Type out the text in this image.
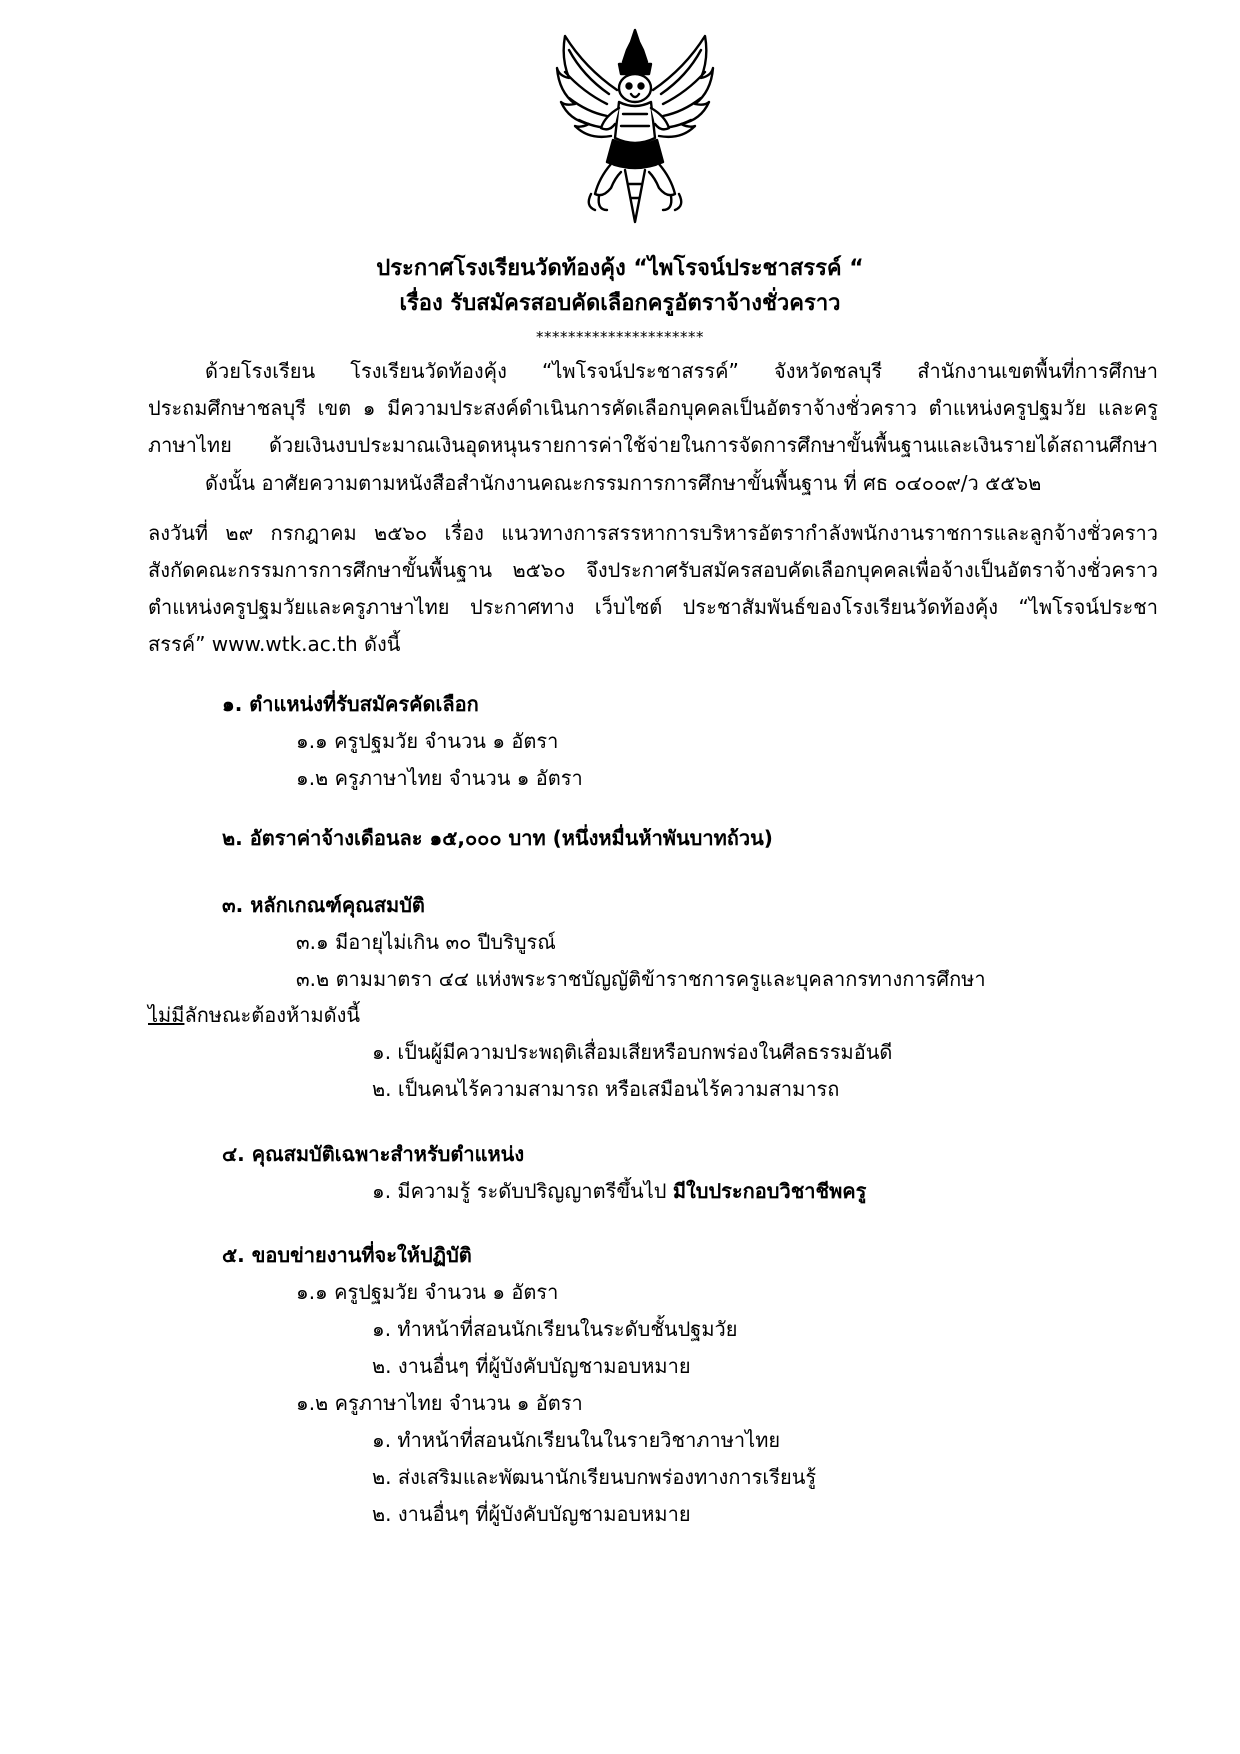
ประกาศโรงเรียนวัดท้องคุ้ง “ไพโรจน์ประชาสรรค์ “
เรื่อง รับสมัครสอบคัดเลือกครูอัตราจ้างชั่วคราว
*********************
ด้วยโรงเรียน โรงเรียนวัดท้องคุ้ง “ไพโรจน์ประชาสรรค์” จังหวัดชลบุรี สำนักงานเขตพื้นที่การศึกษา
ประถมศึกษาชลบุรี เขต ๑ มีความประสงค์ดำเนินการคัดเลือกบุคคลเป็นอัตราจ้างชั่วคราว ตำแหน่งครูปฐมวัย และครู
ภาษาไทย ด้วยเงินงบประมาณเงินอุดหนุนรายการค่าใช้จ่ายในการจัดการศึกษาขั้นพื้นฐานและเงินรายได้สถานศึกษา
ดังนั้น อาศัยความตามหนังสือสำนักงานคณะกรรมการการศึกษาขั้นพื้นฐาน ที่ ศธ ๐๔๐๐๙/ว ๕๕๖๒
ลงวันที่ ๒๙ กรกฎาคม ๒๕๖๐ เรื่อง แนวทางการสรรหาการบริหารอัตรากำลังพนักงานราชการและลูกจ้างชั่วคราว
สังกัดคณะกรรมการการศึกษาขั้นพื้นฐาน ๒๕๖๐ จึงประกาศรับสมัครสอบคัดเลือกบุคคลเพื่อจ้างเป็นอัตราจ้างชั่วคราว
ตำแหน่งครูปฐมวัยและครูภาษาไทย ประกาศทาง เว็บไซต์ ประชาสัมพันธ์ของโรงเรียนวัดท้องคุ้ง “ไพโรจน์ประชา
สรรค์” www.wtk.ac.th ดังนี้
๑. ตำแหน่งที่รับสมัครคัดเลือก
๑.๑ ครูปฐมวัย จำนวน ๑ อัตรา
๑.๒ ครูภาษาไทย จำนวน ๑ อัตรา
๒. อัตราค่าจ้างเดือนละ ๑๕,๐๐๐ บาท (หนึ่งหมื่นห้าพันบาทถ้วน)
๓. หลักเกณฑ์คุณสมบัติ
๓.๑ มีอายุไม่เกิน ๓๐ ปีบริบูรณ์
๓.๒ ตามมาตรา ๔๔ แห่งพระราชบัญญัติข้าราชการครูและบุคลากรทางการศึกษา
ไม่มีลักษณะต้องห้ามดังนี้
๑. เป็นผู้มีความประพฤติเสื่อมเสียหรือบกพร่องในศีลธรรมอันดี
๒. เป็นคนไร้ความสามารถ หรือเสมือนไร้ความสามารถ
๔. คุณสมบัติเฉพาะสำหรับตำแหน่ง
๑. มีความรู้ ระดับปริญญาตรีขึ้นไป มีใบประกอบวิชาชีพครู
๕. ขอบข่ายงานที่จะให้ปฏิบัติ
๑.๑ ครูปฐมวัย จำนวน ๑ อัตรา
๑. ทำหน้าที่สอนนักเรียนในระดับชั้นปฐมวัย
๒. งานอื่นๆ ที่ผู้บังคับบัญชามอบหมาย
๑.๒ ครูภาษาไทย จำนวน ๑ อัตรา
๑. ทำหน้าที่สอนนักเรียนในในรายวิชาภาษาไทย
๒. ส่งเสริมและพัฒนานักเรียนบกพร่องทางการเรียนรู้
๒. งานอื่นๆ ที่ผู้บังคับบัญชามอบหมาย
